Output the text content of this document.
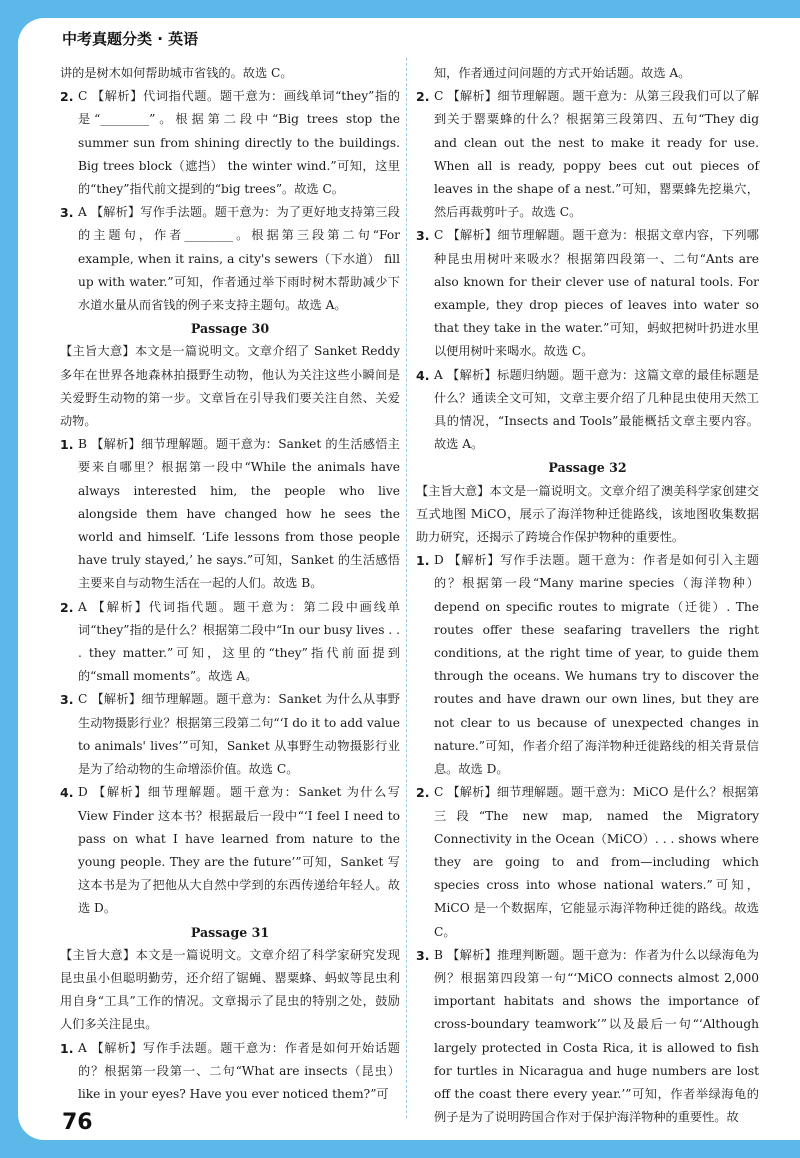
中考真题分类 · 英语

讲的是树木如何帮助城市省钱的。故选 C。

2. C 【解析】代词指代题。题干意为：画线单词“they”指的是“________”。根据第二段中“Big trees stop the summer sun from shining directly to the buildings. Big trees block（遮挡） the winter wind.”可知，这里的“they”指代前文提到的“big trees”。故选 C。
3. A 【解析】写作手法题。题干意为：为了更好地支持第三段的主题句，作者________。根据第三段第二句“For example, when it rains, a city's sewers（下水道） fill up with water.”可知，作者通过举下雨时树木帮助减少下水道水量从而省钱的例子来支持主题句。故选 A。

Passage 30

【主旨大意】本文是一篇说明文。文章介绍了 Sanket Reddy 多年在世界各地森林拍摄野生动物，他认为关注这些小瞬间是关爱野生动物的第一步。文章旨在引导我们要关注自然、关爱动物。

1. B 【解析】细节理解题。题干意为：Sanket 的生活感悟主要来自哪里？根据第一段中“While the animals have always interested him, the people who live alongside them have changed how he sees the world and himself. ‘Life lessons from those people have truly stayed,’ he says.”可知，Sanket 的生活感悟主要来自与动物生活在一起的人们。故选 B。
2. A 【解析】代词指代题。题干意为：第二段中画线单词“they”指的是什么？根据第二段中“In our busy lives . . . they matter.”可知，这里的“they”指代前面提到的“small moments”。故选 A。
3. C 【解析】细节理解题。题干意为：Sanket 为什么从事野生动物摄影行业？根据第三段第二句“‘I do it to add value to animals' lives’”可知，Sanket 从事野生动物摄影行业是为了给动物的生命增添价值。故选 C。
4. D 【解析】细节理解题。题干意为：Sanket 为什么写 View Finder 这本书？根据最后一段中“‘I feel I need to pass on what I have learned from nature to the young people. They are the future’”可知，Sanket 写这本书是为了把他从大自然中学到的东西传递给年轻人。故选 D。

Passage 31

【主旨大意】本文是一篇说明文。文章介绍了科学家研究发现昆虫虽小但聪明勤劳，还介绍了锯蝇、罂粟蜂、蚂蚁等昆虫利用自身“工具”工作的情况。文章揭示了昆虫的特别之处，鼓励人们多关注昆虫。

1. A 【解析】写作手法题。题干意为：作者是如何开始话题的？根据第一段第一、二句“What are insects（昆虫） like in your eyes? Have you ever noticed them?”可

知，作者通过问问题的方式开始话题。故选 A。

2. C 【解析】细节理解题。题干意为：从第三段我们可以了解到关于罂粟蜂的什么？根据第三段第四、五句“They dig and clean out the nest to make it ready for use. When all is ready, poppy bees cut out pieces of leaves in the shape of a nest.”可知，罂粟蜂先挖巢穴，然后再裁剪叶子。故选 C。
3. C 【解析】细节理解题。题干意为：根据文章内容，下列哪种昆虫用树叶来吸水？根据第四段第一、二句“Ants are also known for their clever use of natural tools. For example, they drop pieces of leaves into water so that they take in the water.”可知，蚂蚁把树叶扔进水里以便用树叶来喝水。故选 C。
4. A 【解析】标题归纳题。题干意为：这篇文章的最佳标题是什么？通读全文可知，文章主要介绍了几种昆虫使用天然工具的情况，“Insects and Tools”最能概括文章主要内容。故选 A。

Passage 32

【主旨大意】本文是一篇说明文。文章介绍了澳美科学家创建交互式地图 MiCO，展示了海洋物种迁徙路线，该地图收集数据助力研究，还揭示了跨境合作保护物种的重要性。

1. D 【解析】写作手法题。题干意为：作者是如何引入主题的？根据第一段“Many marine species（海洋物种） depend on specific routes to migrate（迁徙）. The routes offer these seafaring travellers the right conditions, at the right time of year, to guide them through the oceans. We humans try to discover the routes and have drawn our own lines, but they are not clear to us because of unexpected changes in nature.”可知，作者介绍了海洋物种迁徙路线的相关背景信息。故选 D。
2. C 【解析】细节理解题。题干意为：MiCO 是什么？根据第三段“The new map, named the Migratory Connectivity in the Ocean（MiCO）. . . shows where they are going to and from—including which species cross into whose national waters.”可知，MiCO 是一个数据库，它能显示海洋物种迁徙的路线。故选 C。
3. B 【解析】推理判断题。题干意为：作者为什么以绿海龟为例？根据第四段第一句“‘MiCO connects almost 2,000 important habitats and shows the importance of cross-boundary teamwork’”以及最后一句“‘Although largely protected in Costa Rica, it is allowed to fish for turtles in Nicaragua and huge numbers are lost off the coast there every year.’”可知，作者举绿海龟的例子是为了说明跨国合作对于保护海洋物种的重要性。故
76
